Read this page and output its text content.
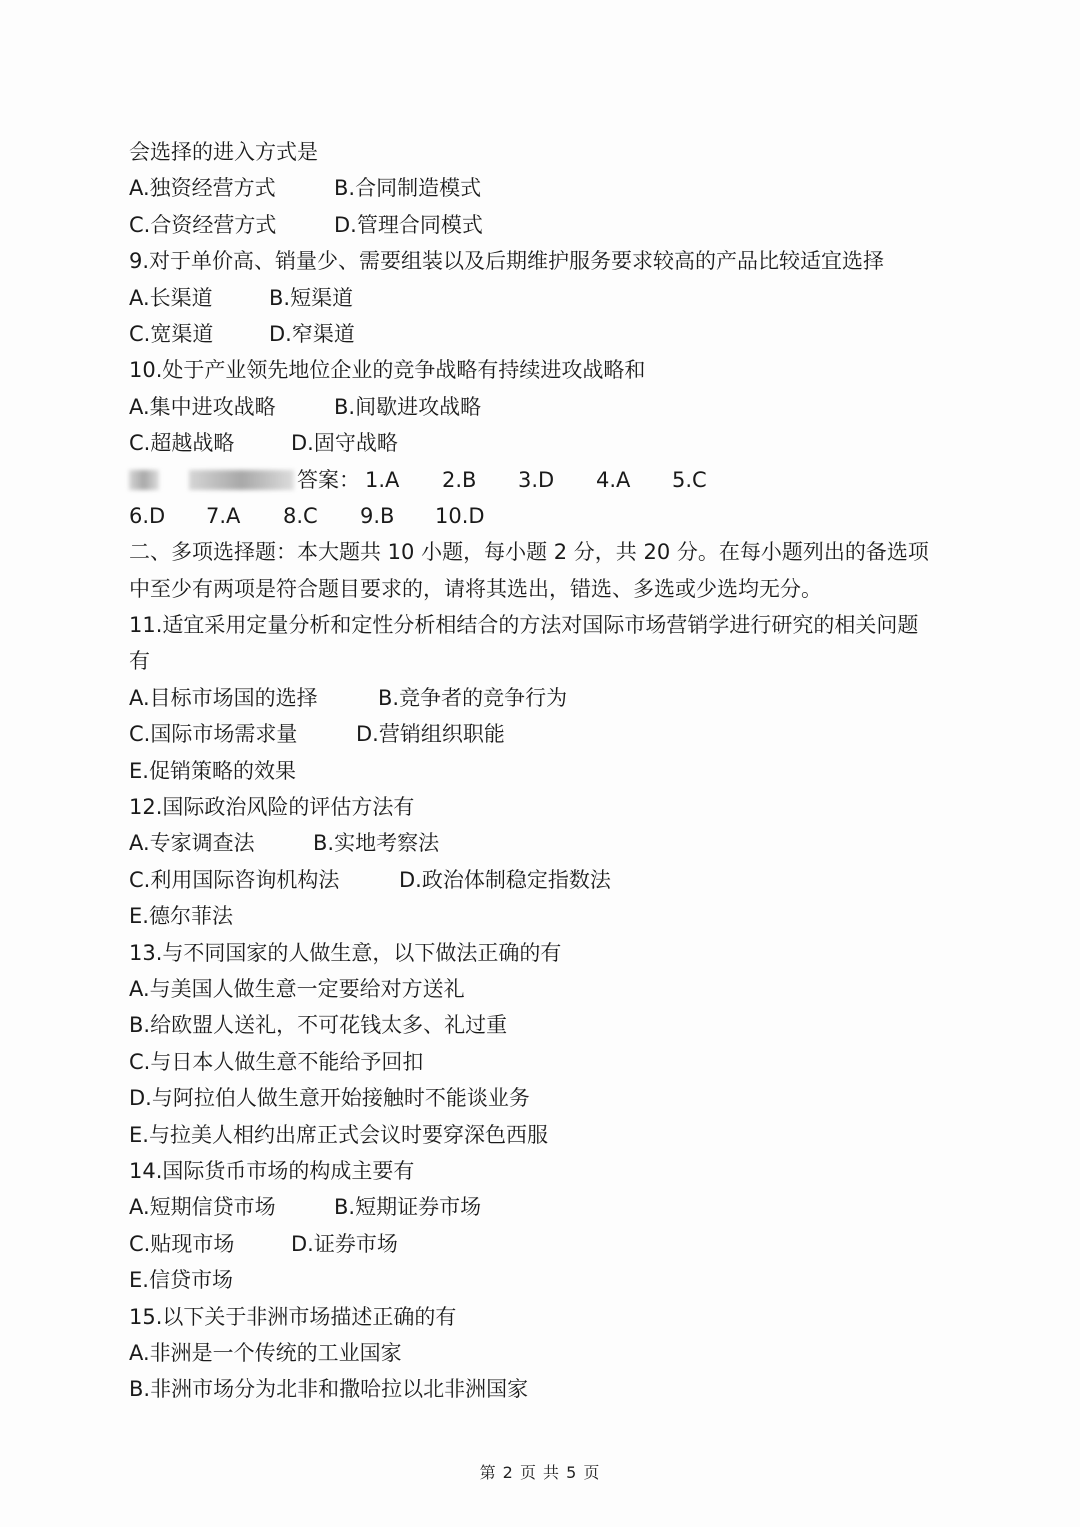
会选择的进入方式是
A.独资经营方式	B.合同制造模式
C.合资经营方式	D.管理合同模式
9.对于单价高、销量少、需要组装以及后期维护服务要求较高的产品比较适宜选择
A.长渠道	B.短渠道
C.宽渠道	D.窄渠道
10.处于产业领先地位企业的竞争战略有持续进攻战略和
A.集中进攻战略	B.间歇进攻战略
C.超越战略	D.固守战略
答案： 1.A 2.B 3.D 4.A 5.C
6.D 7.A 8.C 9.B 10.D
二、多项选择题：本大题共 10 小题，每小题 2 分，共 20 分。在每小题列出的备选项
中至少有两项是符合题目要求的，请将其选出，错选、多选或少选均无分。
11.适宜采用定量分析和定性分析相结合的方法对国际市场营销学进行研究的相关问题
有
A.目标市场国的选择	B.竞争者的竞争行为
C.国际市场需求量	D.营销组织职能
E.促销策略的效果
12.国际政治风险的评估方法有
A.专家调查法	B.实地考察法
C.利用国际咨询机构法	D.政治体制稳定指数法
E.德尔菲法
13.与不同国家的人做生意，以下做法正确的有
A.与美国人做生意一定要给对方送礼
B.给欧盟人送礼，不可花钱太多、礼过重
C.与日本人做生意不能给予回扣
D.与阿拉伯人做生意开始接触时不能谈业务
E.与拉美人相约出席正式会议时要穿深色西服
14.国际货币市场的构成主要有
A.短期信贷市场	B.短期证券市场
C.贴现市场	D.证券市场
E.信贷市场
15.以下关于非洲市场描述正确的有
A.非洲是一个传统的工业国家
B.非洲市场分为北非和撒哈拉以北非洲国家
第 2 页 共 5 页
